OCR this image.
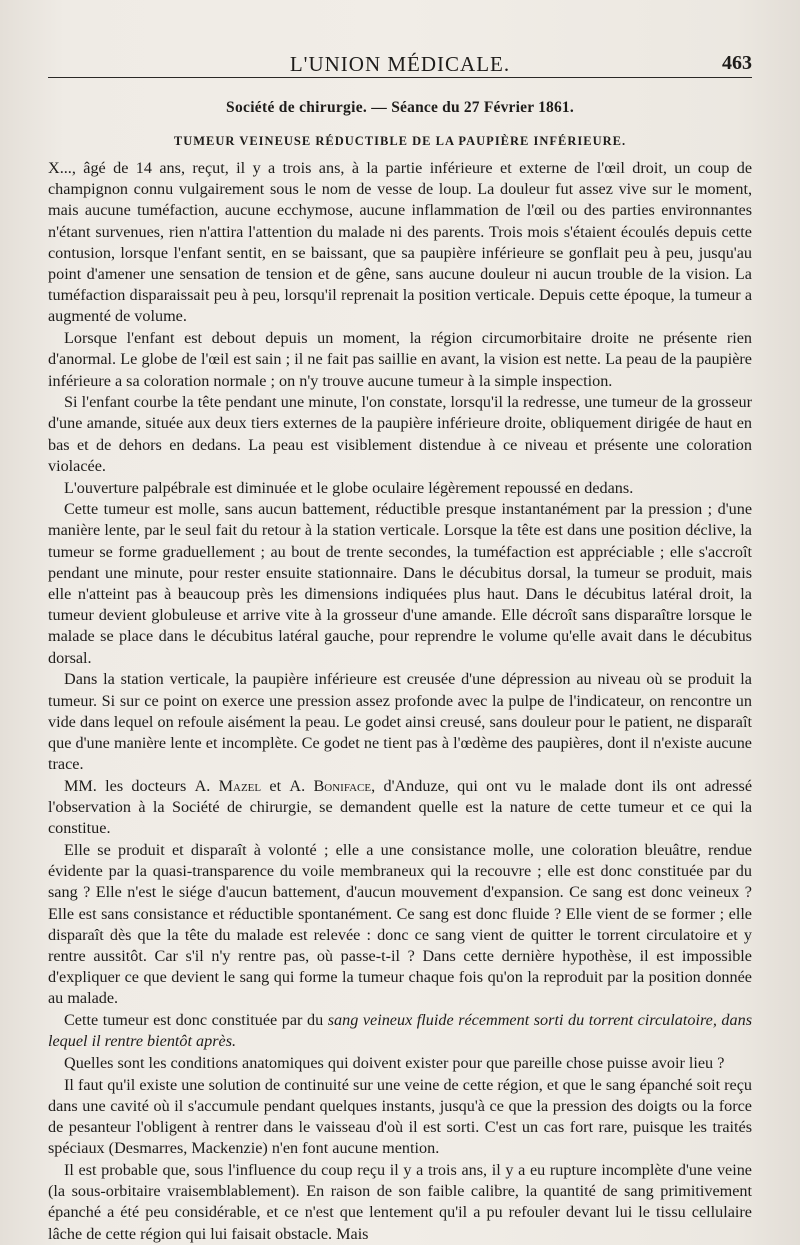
L'UNION MÉDICALE.	463
Société de chirurgie. — Séance du 27 Février 1861.
TUMEUR VEINEUSE RÉDUCTIBLE DE LA PAUPIÈRE INFÉRIEURE.

X..., âgé de 14 ans, reçut, il y a trois ans, à la partie inférieure et externe de l'œil droit, un coup de champignon connu vulgairement sous le nom de vesse de loup. La douleur fut assez vive sur le moment, mais aucune tuméfaction, aucune ecchymose, aucune inflammation de l'œil ou des parties environnantes n'étant survenues, rien n'attira l'attention du malade ni des parents. Trois mois s'étaient écoulés depuis cette contusion, lorsque l'enfant sentit, en se baissant, que sa paupière inférieure se gonflait peu à peu, jusqu'au point d'amener une sensation de tension et de gêne, sans aucune douleur ni aucun trouble de la vision. La tuméfaction disparaissait peu à peu, lorsqu'il reprenait la position verticale. Depuis cette époque, la tumeur a augmenté de volume.

Lorsque l'enfant est debout depuis un moment, la région circumorbitaire droite ne présente rien d'anormal. Le globe de l'œil est sain ; il ne fait pas saillie en avant, la vision est nette. La peau de la paupière inférieure a sa coloration normale ; on n'y trouve aucune tumeur à la simple inspection.

Si l'enfant courbe la tête pendant une minute, l'on constate, lorsqu'il la redresse, une tumeur de la grosseur d'une amande, située aux deux tiers externes de la paupière inférieure droite, obliquement dirigée de haut en bas et de dehors en dedans. La peau est visiblement distendue à ce niveau et présente une coloration violacée.

L'ouverture palpébrale est diminuée et le globe oculaire légèrement repoussé en dedans.

Cette tumeur est molle, sans aucun battement, réductible presque instantanément par la pression ; d'une manière lente, par le seul fait du retour à la station verticale. Lorsque la tête est dans une position déclive, la tumeur se forme graduellement ; au bout de trente secondes, la tuméfaction est appréciable ; elle s'accroît pendant une minute, pour rester ensuite stationnaire. Dans le décubitus dorsal, la tumeur se produit, mais elle n'atteint pas à beaucoup près les dimensions indiquées plus haut. Dans le décubitus latéral droit, la tumeur devient globuleuse et arrive vite à la grosseur d'une amande. Elle décroît sans disparaître lorsque le malade se place dans le décubitus latéral gauche, pour reprendre le volume qu'elle avait dans le décubitus dorsal.

Dans la station verticale, la paupière inférieure est creusée d'une dépression au niveau où se produit la tumeur. Si sur ce point on exerce une pression assez profonde avec la pulpe de l'indicateur, on rencontre un vide dans lequel on refoule aisément la peau. Le godet ainsi creusé, sans douleur pour le patient, ne disparaît que d'une manière lente et incomplète. Ce godet ne tient pas à l'œdème des paupières, dont il n'existe aucune trace.

MM. les docteurs A. Mazel et A. Boniface, d'Anduze, qui ont vu le malade dont ils ont adressé l'observation à la Société de chirurgie, se demandent quelle est la nature de cette tumeur et ce qui la constitue.

Elle se produit et disparaît à volonté ; elle a une consistance molle, une coloration bleuâtre, rendue évidente par la quasi-transparence du voile membraneux qui la recouvre ; elle est donc constituée par du sang ? Elle n'est le siége d'aucun battement, d'aucun mouvement d'expansion. Ce sang est donc veineux ? Elle est sans consistance et réductible spontanément. Ce sang est donc fluide ? Elle vient de se former ; elle disparaît dès que la tête du malade est relevée : donc ce sang vient de quitter le torrent circulatoire et y rentre aussitôt. Car s'il n'y rentre pas, où passe-t-il ? Dans cette dernière hypothèse, il est impossible d'expliquer ce que devient le sang qui forme la tumeur chaque fois qu'on la reproduit par la position donnée au malade.

Cette tumeur est donc constituée par du sang veineux fluide récemment sorti du torrent circulatoire, dans lequel il rentre bientôt après.

Quelles sont les conditions anatomiques qui doivent exister pour que pareille chose puisse avoir lieu ?

Il faut qu'il existe une solution de continuité sur une veine de cette région, et que le sang épanché soit reçu dans une cavité où il s'accumule pendant quelques instants, jusqu'à ce que la pression des doigts ou la force de pesanteur l'obligent à rentrer dans le vaisseau d'où il est sorti. C'est un cas fort rare, puisque les traités spéciaux (Desmarres, Mackenzie) n'en font aucune mention.

Il est probable que, sous l'influence du coup reçu il y a trois ans, il y a eu rupture incomplète d'une veine (la sous-orbitaire vraisemblablement). En raison de son faible calibre, la quantité de sang primitivement épanché a été peu considérable, et ce n'est que lentement qu'il a pu refouler devant lui le tissu cellulaire lâche de cette région qui lui faisait obstacle. Mais
